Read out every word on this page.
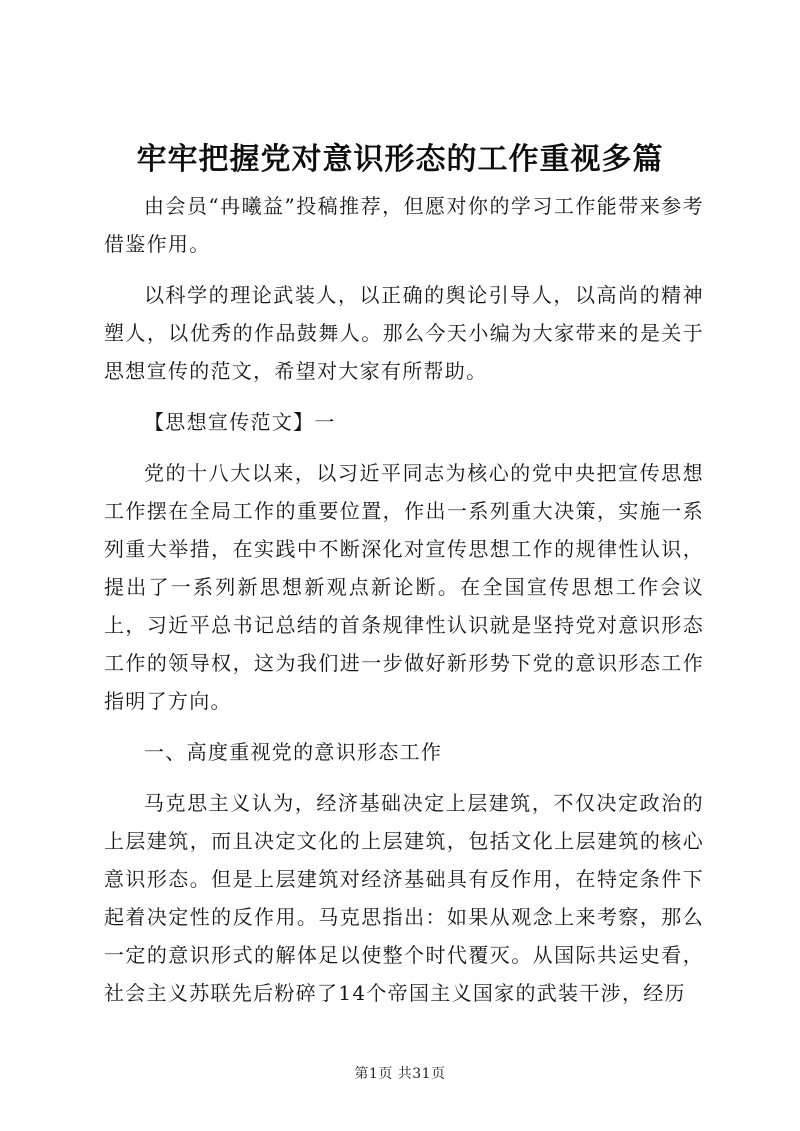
牢牢把握党对意识形态的工作重视多篇

由会员“冉曦益”投稿推荐，但愿对你的学习工作能带来参考借鉴作用。

以科学的理论武装人，以正确的舆论引导人，以高尚的精神塑人，以优秀的作品鼓舞人。那么今天小编为大家带来的是关于思想宣传的范文，希望对大家有所帮助。

【思想宣传范文】一

党的十八大以来，以习近平同志为核心的党中央把宣传思想工作摆在全局工作的重要位置，作出一系列重大决策，实施一系列重大举措，在实践中不断深化对宣传思想工作的规律性认识，提出了一系列新思想新观点新论断。在全国宣传思想工作会议上，习近平总书记总结的首条规律性认识就是坚持党对意识形态工作的领导权，这为我们进一步做好新形势下党的意识形态工作指明了方向。

一、高度重视党的意识形态工作

马克思主义认为，经济基础决定上层建筑，不仅决定政治的上层建筑，而且决定文化的上层建筑，包括文化上层建筑的核心意识形态。但是上层建筑对经济基础具有反作用，在特定条件下起着决定性的反作用。马克思指出：如果从观念上来考察，那么一定的意识形式的解体足以使整个时代覆灭。从国际共运史看，社会主义苏联先后粉碎了14个帝国主义国家的武装干涉，经历

第1页 共31页
